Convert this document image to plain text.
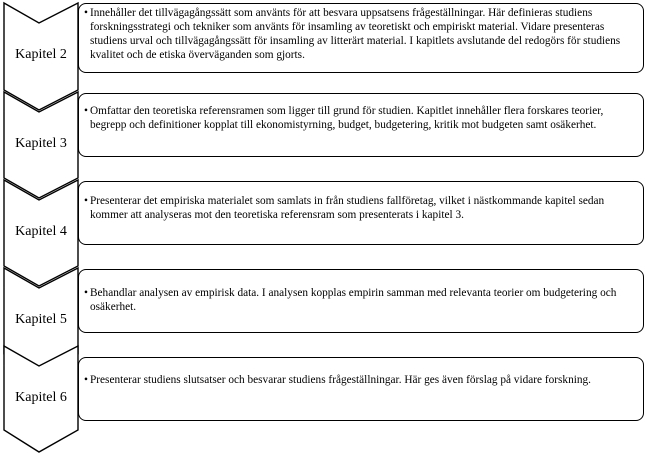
Kapitel 2
Kapitel 3
Kapitel 4
Kapitel 5
Kapitel 6
• Innehåller det tillvägagångssätt som använts för att besvara uppsatsens frågeställningar. Här definieras studiens forskningsstrategi och tekniker som använts för insamling av teoretiskt och empiriskt material. Vidare presenteras studiens urval och tillvägagångssätt för insamling av litterärt material. I kapitlets avslutande del redogörs för studiens kvalitet och de etiska överväganden som gjorts.
• Omfattar den teoretiska referensramen som ligger till grund för studien. Kapitlet innehåller flera forskares teorier, begrepp och definitioner kopplat till ekonomistyrning, budget, budgetering, kritik mot budgeten samt osäkerhet.
• Presenterar det empiriska materialet som samlats in från studiens fallföretag, vilket i nästkommande kapitel sedan kommer att analyseras mot den teoretiska referensram som presenterats i kapitel 3.
• Behandlar analysen av empirisk data. I analysen kopplas empirin samman med relevanta teorier om budgetering och osäkerhet.
• Presenterar studiens slutsatser och besvarar studiens frågeställningar. Här ges även förslag på vidare forskning.
